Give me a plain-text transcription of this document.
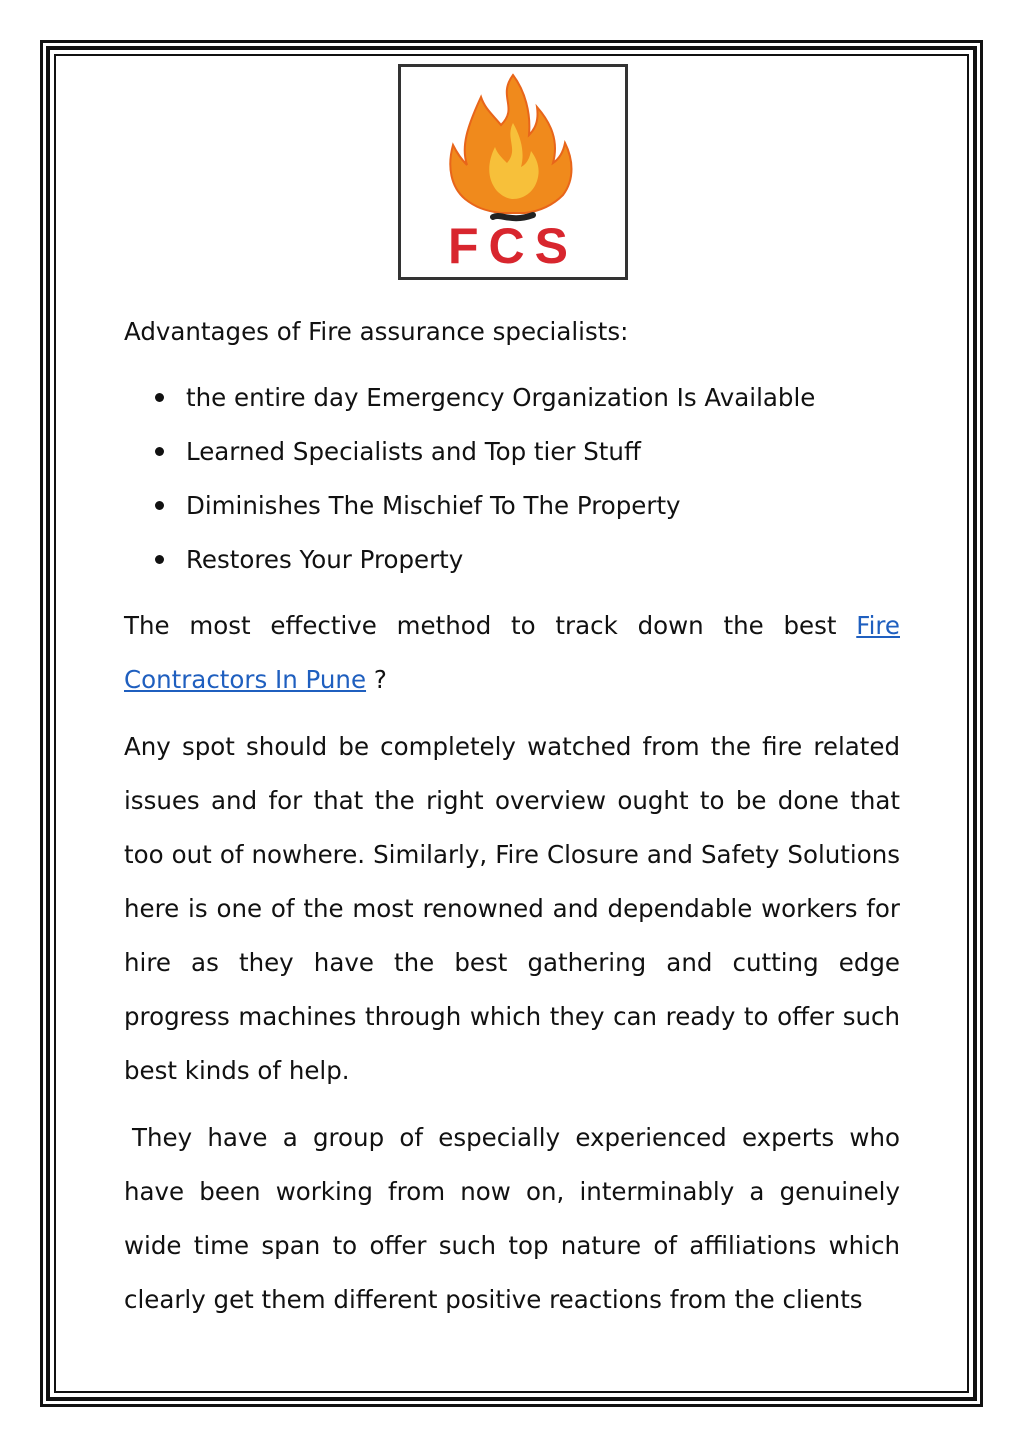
FCS
Advantages of Fire assurance specialists:
the entire day Emergency Organization Is Available
Learned Specialists and Top tier Stuff
Diminishes The Mischief To The Property
Restores Your Property

The most effective method to track down the best Fire Contractors In Pune ?

Any spot should be completely watched from the fire related issues and for that the right overview ought to be done that too out of nowhere. Similarly, Fire Closure and Safety Solutions here is one of the most renowned and dependable workers for hire as they have the best gathering and cutting edge progress machines through which they can ready to offer such best kinds of help.

They have a group of especially experienced experts who have been working from now on, interminably a genuinely wide time span to offer such top nature of affiliations which clearly get them different positive reactions from the clients
